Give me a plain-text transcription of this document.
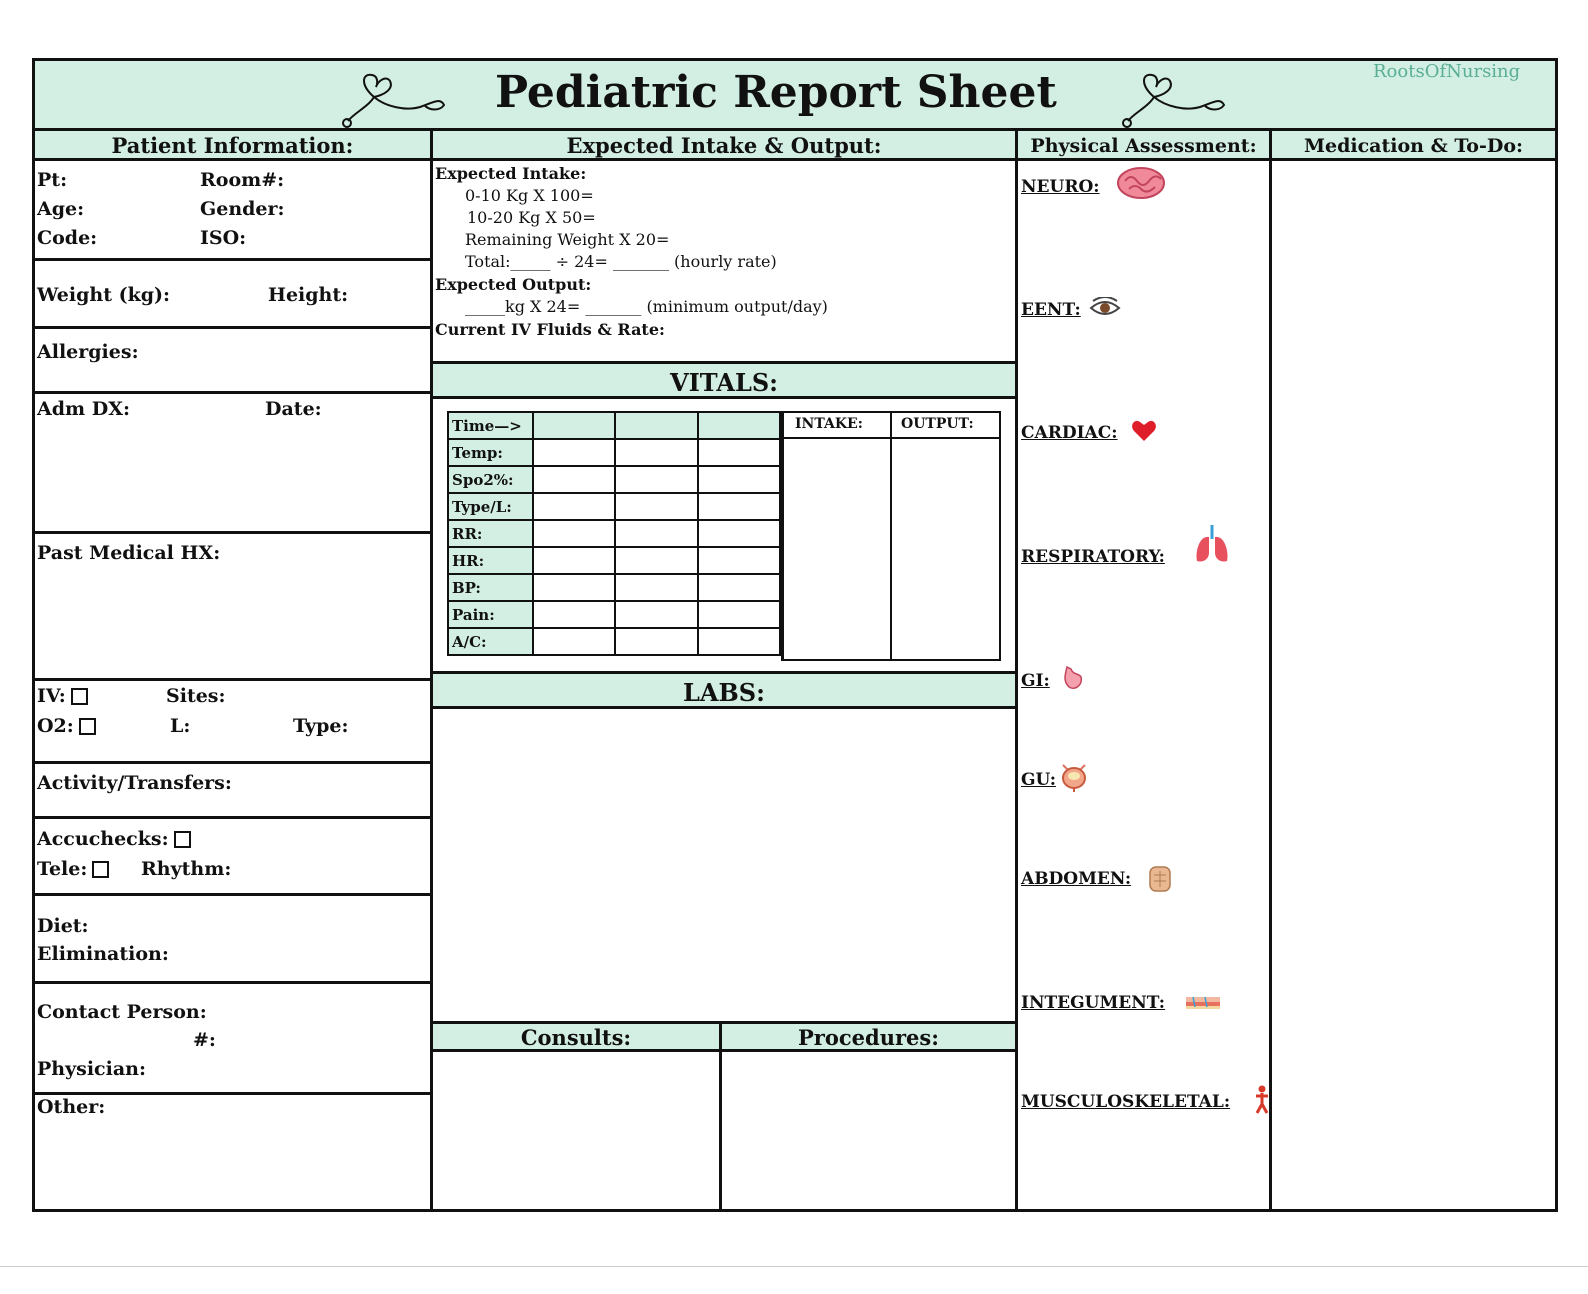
Pediatric Report Sheet	RootsOfNursing
Patient Information:
Pt:	Room#:
Age:	Gender:
Code:	ISO:
Weight (kg):	Height:
Allergies:
Adm DX:	Date:
Past Medical HX:
IV:	Sites:
O2:	L:	Type:
Activity/Transfers:
Accuchecks:
Tele:	Rhythm:
Diet:
Elimination:
Contact Person:
#:
Physician:
Other:
Expected Intake & Output:
Expected Intake:
0-10 Kg X 100=
10-20 Kg X 50=
Remaining Weight X 20=
Total:_____ ÷ 24= _______ (hourly rate)
Expected Output:
_____kg X 24= _______ (minimum output/day)
Current IV Fluids & Rate:
VITALS:
Time—>			
Temp:			
Spo2%:			
Type/L:			
RR:			
HR:			
BP:			
Pain:			
A/C:			
INTAKE:	OUTPUT:
LABS:
Consults:	Procedures:
Physical Assessment:
NEURO:
EENT:
CARDIAC:
RESPIRATORY:
GI:
GU:
ABDOMEN:
INTEGUMENT:
MUSCULOSKELETAL:
Medication & To-Do:
